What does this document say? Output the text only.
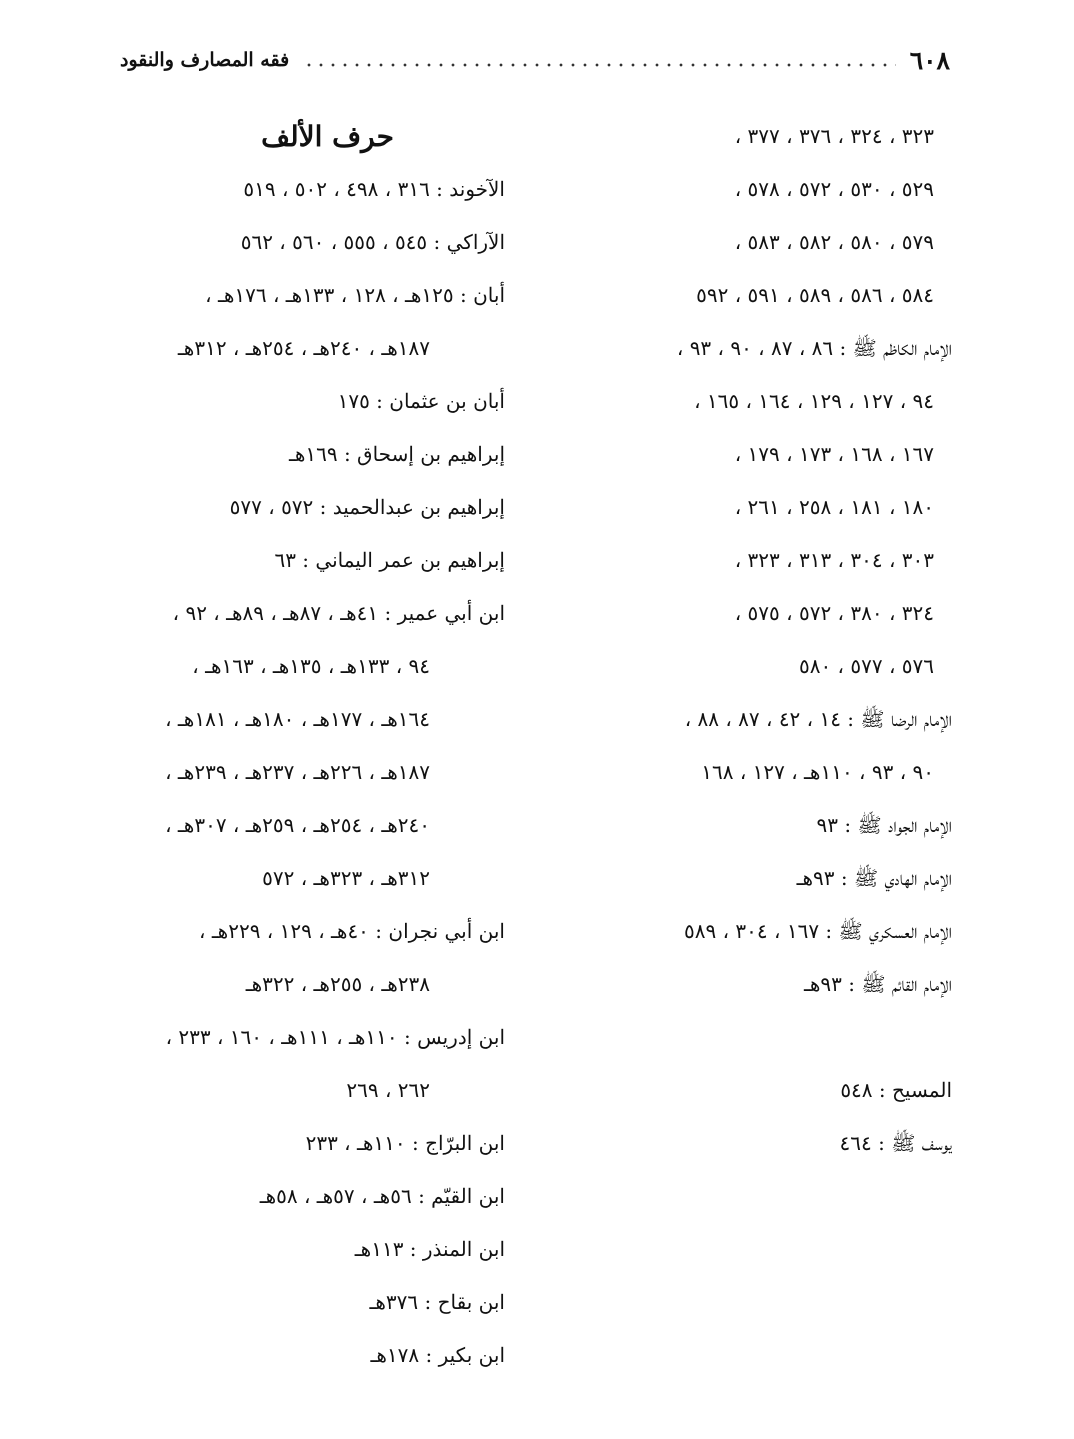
٦٠٨
فقه المصارف والنقود
٣٢٣ ، ٣٢٤ ، ٣٧٦ ، ٣٧٧ ،
٥٢٩ ، ٥٣٠ ، ٥٧٢ ، ٥٧٨ ،
٥٧٩ ، ٥٨٠ ، ٥٨٢ ، ٥٨٣ ،
٥٨٤ ، ٥٨٦ ، ٥٨٩ ، ٥٩١ ، ٥٩٢
الإمام الكاظم ﷺ : ٨٦ ، ٨٧ ، ٩٠ ، ٩٣ ،
٩٤ ، ١٢٧ ، ١٢٩ ، ١٦٤ ، ١٦٥ ،
١٦٧ ، ١٦٨ ، ١٧٣ ، ١٧٩ ،
١٨٠ ، ١٨١ ، ٢٥٨ ، ٢٦١ ،
٣٠٣ ، ٣٠٤ ، ٣١٣ ، ٣٢٣ ،
٣٢٤ ، ٣٨٠ ، ٥٧٢ ، ٥٧٥ ،
٥٧٦ ، ٥٧٧ ، ٥٨٠
الإمام الرضا ﷺ : ١٤ ، ٤٢ ، ٨٧ ، ٨٨ ،
٩٠ ، ٩٣ ، ١١٠هـ ، ١٢٧ ، ١٦٨
الإمام الجواد ﷺ : ٩٣
الإمام الهادي ﷺ : ٩٣هـ
الإمام العسكري ﷺ : ١٦٧ ، ٣٠٤ ، ٥٨٩
الإمام القائم ﷺ : ٩٣هـ
المسيح : ٥٤٨
يوسف ﷺ : ٤٦٤
حرف الألف
الآخوند : ٣١٦ ، ٤٩٨ ، ٥٠٢ ، ٥١٩
الآراكي : ٥٤٥ ، ٥٥٥ ، ٥٦٠ ، ٥٦٢
أبان : ١٢٥هـ ، ١٢٨ ، ١٣٣هـ ، ١٧٦هـ ،
١٨٧هـ ، ٢٤٠هـ ، ٢٥٤هـ ، ٣١٢هـ
أبان بن عثمان : ١٧٥
إبراهيم بن إسحاق : ١٦٩هـ
إبراهيم بن عبدالحميد : ٥٧٢ ، ٥٧٧
إبراهيم بن عمر اليماني : ٦٣
ابن أبي عمير : ٤١هـ ، ٨٧هـ ، ٨٩هـ ، ٩٢ ،
٩٤ ، ١٣٣هـ ، ١٣٥هـ ، ١٦٣هـ ،
١٦٤هـ ، ١٧٧هـ ، ١٨٠هـ ، ١٨١هـ ،
١٨٧هـ ، ٢٢٦هـ ، ٢٣٧هـ ، ٢٣٩هـ ،
٢٤٠هـ ، ٢٥٤هـ ، ٢٥٩هـ ، ٣٠٧هـ ،
٣١٢هـ ، ٣٢٣هـ ، ٥٧٢
ابن أبي نجران : ٤٠هـ ، ١٢٩ ، ٢٢٩هـ ،
٢٣٨هـ ، ٢٥٥هـ ، ٣٢٢هـ
ابن إدريس : ١١٠هـ ، ١١١هـ ، ١٦٠ ، ٢٣٣ ،
٢٦٢ ، ٢٦٩
ابن البرّاج : ١١٠هـ ، ٢٣٣
ابن القيّم : ٥٦هـ ، ٥٧هـ ، ٥٨هـ
ابن المنذر : ١١٣هـ
ابن بقاح : ٣٧٦هـ
ابن بكير : ١٧٨هـ
